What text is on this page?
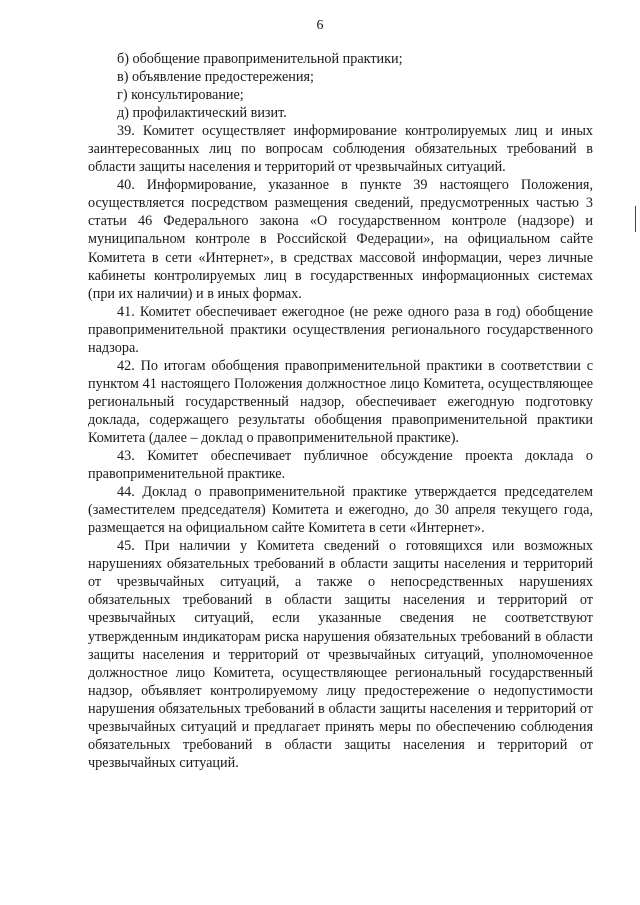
6

б) обобщение правоприменительной практики;

в) объявление предостережения;

г) консультирование;

д) профилактический визит.

39. Комитет осуществляет информирование контролируемых лиц и иных заинтересованных лиц по вопросам соблюдения обязательных требований в области защиты населения и территорий от чрезвычайных ситуаций.

40. Информирование, указанное в пункте 39 настоящего Положения, осуществляется посредством размещения сведений, предусмотренных частью 3 статьи 46 Федерального закона «О государственном контроле (надзоре) и муниципальном контроле в Российской Федерации», на официальном сайте Комитета в сети «Интернет», в средствах массовой информации, через личные кабинеты контролируемых лиц в государственных информационных системах (при их наличии) и в иных формах.

41. Комитет обеспечивает ежегодное (не реже одного раза в год) обобщение правоприменительной практики осуществления регионального государственного надзора.

42. По итогам обобщения правоприменительной практики в соответствии с пунктом 41 настоящего Положения должностное лицо Комитета, осуществляющее региональный государственный надзор, обеспечивает ежегодную подготовку доклада, содержащего результаты обобщения правоприменительной практики Комитета (далее – доклад о правоприменительной практике).

43. Комитет обеспечивает публичное обсуждение проекта доклада о правоприменительной практике.

44. Доклад о правоприменительной практике утверждается председателем (заместителем председателя) Комитета и ежегодно, до 30 апреля текущего года, размещается на официальном сайте Комитета в сети «Интернет».

45. При наличии у Комитета сведений о готовящихся или возможных нарушениях обязательных требований в области защиты населения и территорий от чрезвычайных ситуаций, а также о непосредственных нарушениях обязательных требований в области защиты населения и территорий от чрезвычайных ситуаций, если указанные сведения не соответствуют утвержденным индикаторам риска нарушения обязательных требований в области защиты населения и территорий от чрезвычайных ситуаций, уполномоченное должностное лицо Комитета, осуществляющее региональный государственный надзор, объявляет контролируемому лицу предостережение о недопустимости нарушения обязательных требований в области защиты населения и территорий от чрезвычайных ситуаций и предлагает принять меры по обеспечению соблюдения обязательных требований в области защиты населения и территорий от чрезвычайных ситуаций.
